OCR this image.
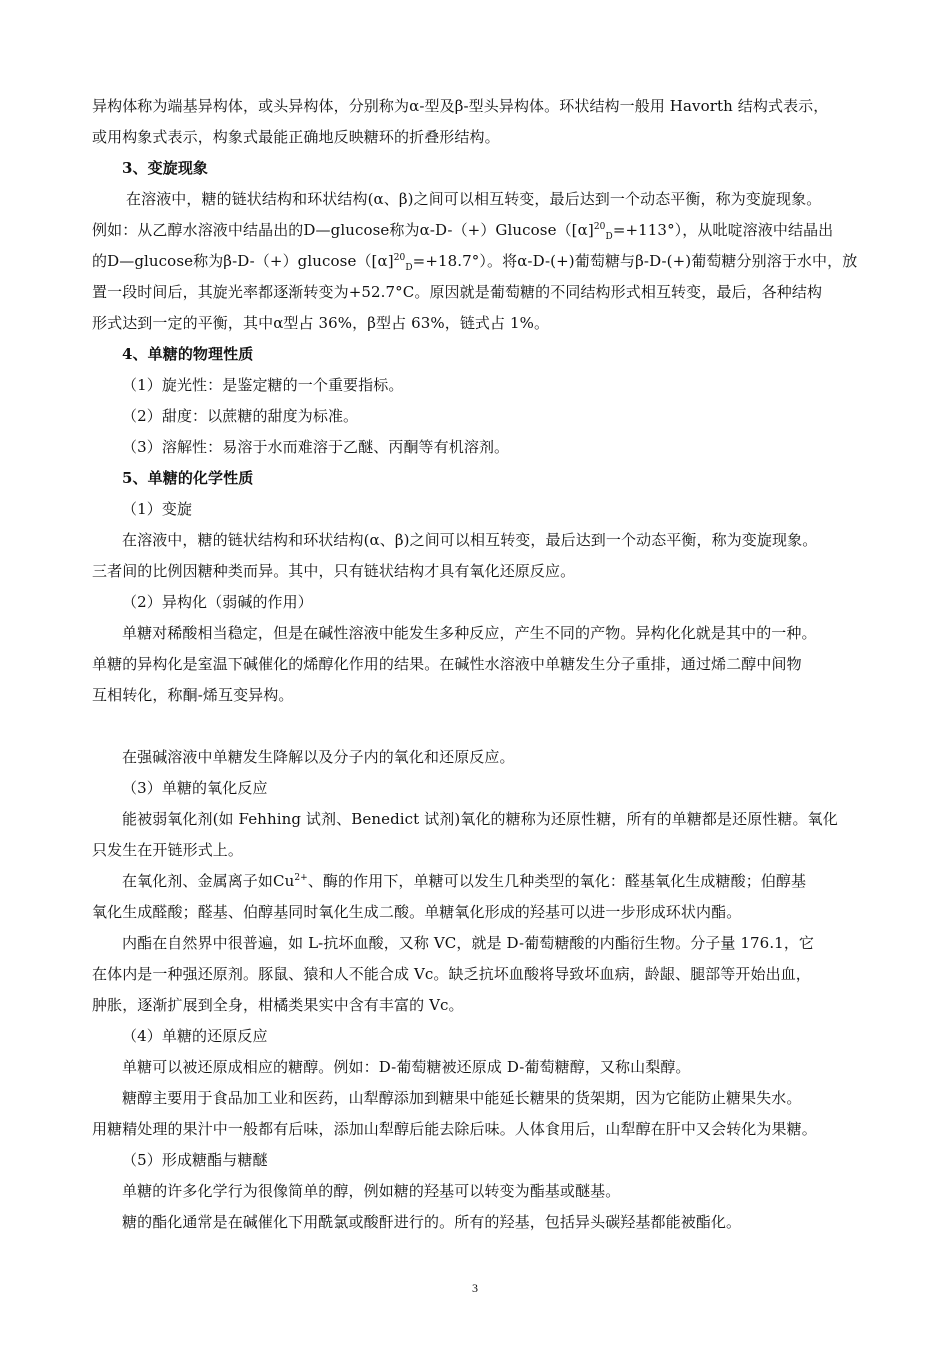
异构体称为端基异构体，或头异构体，分别称为α-型及β-型头异构体。环状结构一般用 Havorth 结构式表示，
或用构象式表示，构象式最能正确地反映糖环的折叠形结构。
3、变旋现象
在溶液中，糖的链状结构和环状结构(α、β)之间可以相互转变，最后达到一个动态平衡，称为变旋现象。
例如：从乙醇水溶液中结晶出的D—glucose称为$\alpha-D-(+)Glucose([\alpha]^{20}_D=+113^\circ)$，从吡啶溶液中结晶出
的D—glucose称为$\beta-D-(+)glucose([\alpha]^{20}_D=+18.7^\circ)$。将α-D-(+)葡萄糖与β-D-(+)葡萄糖分别溶于水中，放
置一段时间后，其旋光率都逐渐转变为+52.7°C。原因就是葡萄糖的不同结构形式相互转变，最后，各种结构
形式达到一定的平衡，其中α型占 36%，β型占 63%，链式占 1%。
4、单糖的物理性质
（1）旋光性：是鉴定糖的一个重要指标。
（2）甜度：以蔗糖的甜度为标准。
（3）溶解性：易溶于水而难溶于乙醚、丙酮等有机溶剂。
5、单糖的化学性质
（1）变旋
在溶液中，糖的链状结构和环状结构(α、β)之间可以相互转变，最后达到一个动态平衡，称为变旋现象。
三者间的比例因糖种类而异。其中，只有链状结构才具有氧化还原反应。
（2）异构化（弱碱的作用）
单糖对稀酸相当稳定，但是在碱性溶液中能发生多种反应，产生不同的产物。异构化化就是其中的一种。
单糖的异构化是室温下碱催化的烯醇化作用的结果。在碱性水溶液中单糖发生分子重排，通过烯二醇中间物
互相转化，称酮-烯互变异构。
在强碱溶液中单糖发生降解以及分子内的氧化和还原反应。
（3）单糖的氧化反应
能被弱氧化剂(如 Fehhing 试剂、Benedict 试剂)氧化的糖称为还原性糖，所有的单糖都是还原性糖。氧化
只发生在开链形式上。
在氧化剂、金属离子如$Cu^{2+}$、酶的作用下，单糖可以发生几种类型的氧化：醛基氧化生成糖酸；伯醇基
氧化生成醛酸；醛基、伯醇基同时氧化生成二酸。单糖氧化形成的羟基可以进一步形成环状内酯。
内酯在自然界中很普遍，如 L-抗坏血酸，又称 VC，就是 D-葡萄糖酸的内酯衍生物。分子量 176.1，它
在体内是一种强还原剂。豚鼠、猿和人不能合成 Vc。缺乏抗坏血酸将导致坏血病，龄龈、腿部等开始出血，
肿胀，逐渐扩展到全身，柑橘类果实中含有丰富的 Vc。
（4）单糖的还原反应
单糖可以被还原成相应的糖醇。例如：D-葡萄糖被还原成 D-葡萄糖醇，又称山梨醇。
糖醇主要用于食品加工业和医药，山犁醇添加到糖果中能延长糖果的货架期，因为它能防止糖果失水。
用糖精处理的果汁中一般都有后味，添加山犁醇后能去除后味。人体食用后，山犁醇在肝中又会转化为果糖。
（5）形成糖酯与糖醚
单糖的许多化学行为很像简单的醇，例如糖的羟基可以转变为酯基或醚基。
糖的酯化通常是在碱催化下用酰氯或酸酐进行的。所有的羟基，包括异头碳羟基都能被酯化。
3
